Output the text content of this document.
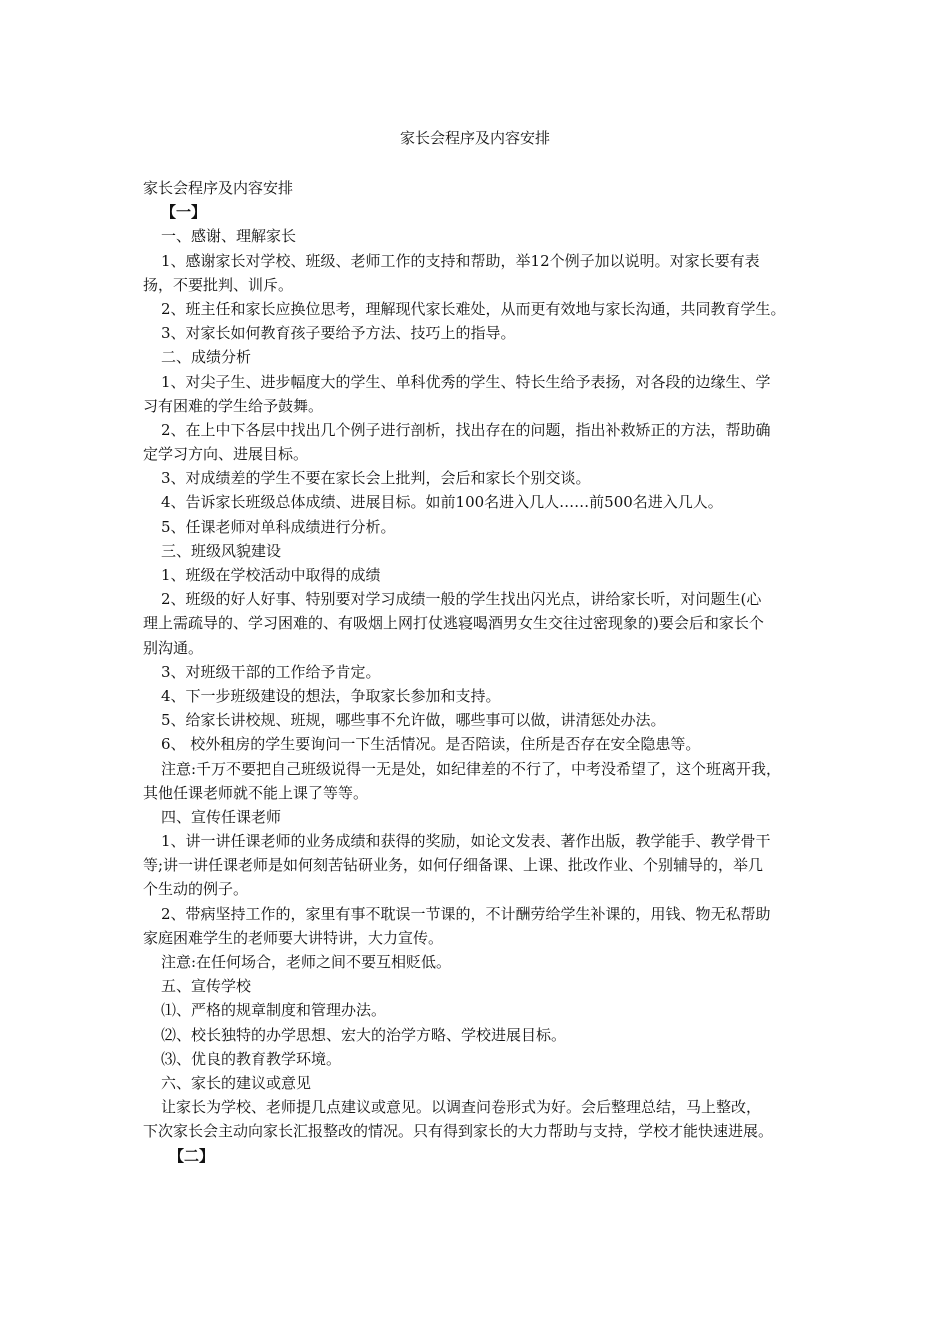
家长会程序及内容安排
家长会程序及内容安排
【一】
一、感谢、理解家长
1、感谢家长对学校、班级、老师工作的支持和帮助，举12个例子加以说明。对家长要有表
扬，不要批判、训斥。
2、班主任和家长应换位思考，理解现代家长难处，从而更有效地与家长沟通，共同教育学生。
3、对家长如何教育孩子要给予方法、技巧上的指导。
二、成绩分析
1、对尖子生、进步幅度大的学生、单科优秀的学生、特长生给予表扬，对各段的边缘生、学
习有困难的学生给予鼓舞。
2、在上中下各层中找出几个例子进行剖析，找出存在的问题，指出补救矫正的方法，帮助确
定学习方向、进展目标。
3、对成绩差的学生不要在家长会上批判，会后和家长个别交谈。
4、告诉家长班级总体成绩、进展目标。如前100名进入几人……前500名进入几人。
5、任课老师对单科成绩进行分析。
三、班级风貌建设
1、班级在学校活动中取得的成绩
2、班级的好人好事、特别要对学习成绩一般的学生找出闪光点，讲给家长听，对问题生(心
理上需疏导的、学习困难的、有吸烟上网打仗逃寝喝酒男女生交往过密现象的)要会后和家长个
别沟通。
3、对班级干部的工作给予肯定。
4、下一步班级建设的想法，争取家长参加和支持。
5、给家长讲校规、班规，哪些事不允许做，哪些事可以做，讲清惩处办法。
6、 校外租房的学生要询问一下生活情况。是否陪读，住所是否存在安全隐患等。
注意:千万不要把自己班级说得一无是处，如纪律差的不行了，中考没希望了，这个班离开我，
其他任课老师就不能上课了等等。
四、宣传任课老师
1、讲一讲任课老师的业务成绩和获得的奖励，如论文发表、著作出版，教学能手、教学骨干
等;讲一讲任课老师是如何刻苦钻研业务，如何仔细备课、上课、批改作业、个别辅导的，举几
个生动的例子。
2、带病坚持工作的，家里有事不耽误一节课的，不计酬劳给学生补课的，用钱、物无私帮助
家庭困难学生的老师要大讲特讲，大力宣传。
注意:在任何场合，老师之间不要互相贬低。
五、宣传学校
⑴、严格的规章制度和管理办法。
⑵、校长独特的办学思想、宏大的治学方略、学校进展目标。
⑶、优良的教育教学环境。
六、家长的建议或意见
让家长为学校、老师提几点建议或意见。以调查问卷形式为好。会后整理总结，马上整改，
下次家长会主动向家长汇报整改的情况。只有得到家长的大力帮助与支持，学校才能快速进展。
【二】
